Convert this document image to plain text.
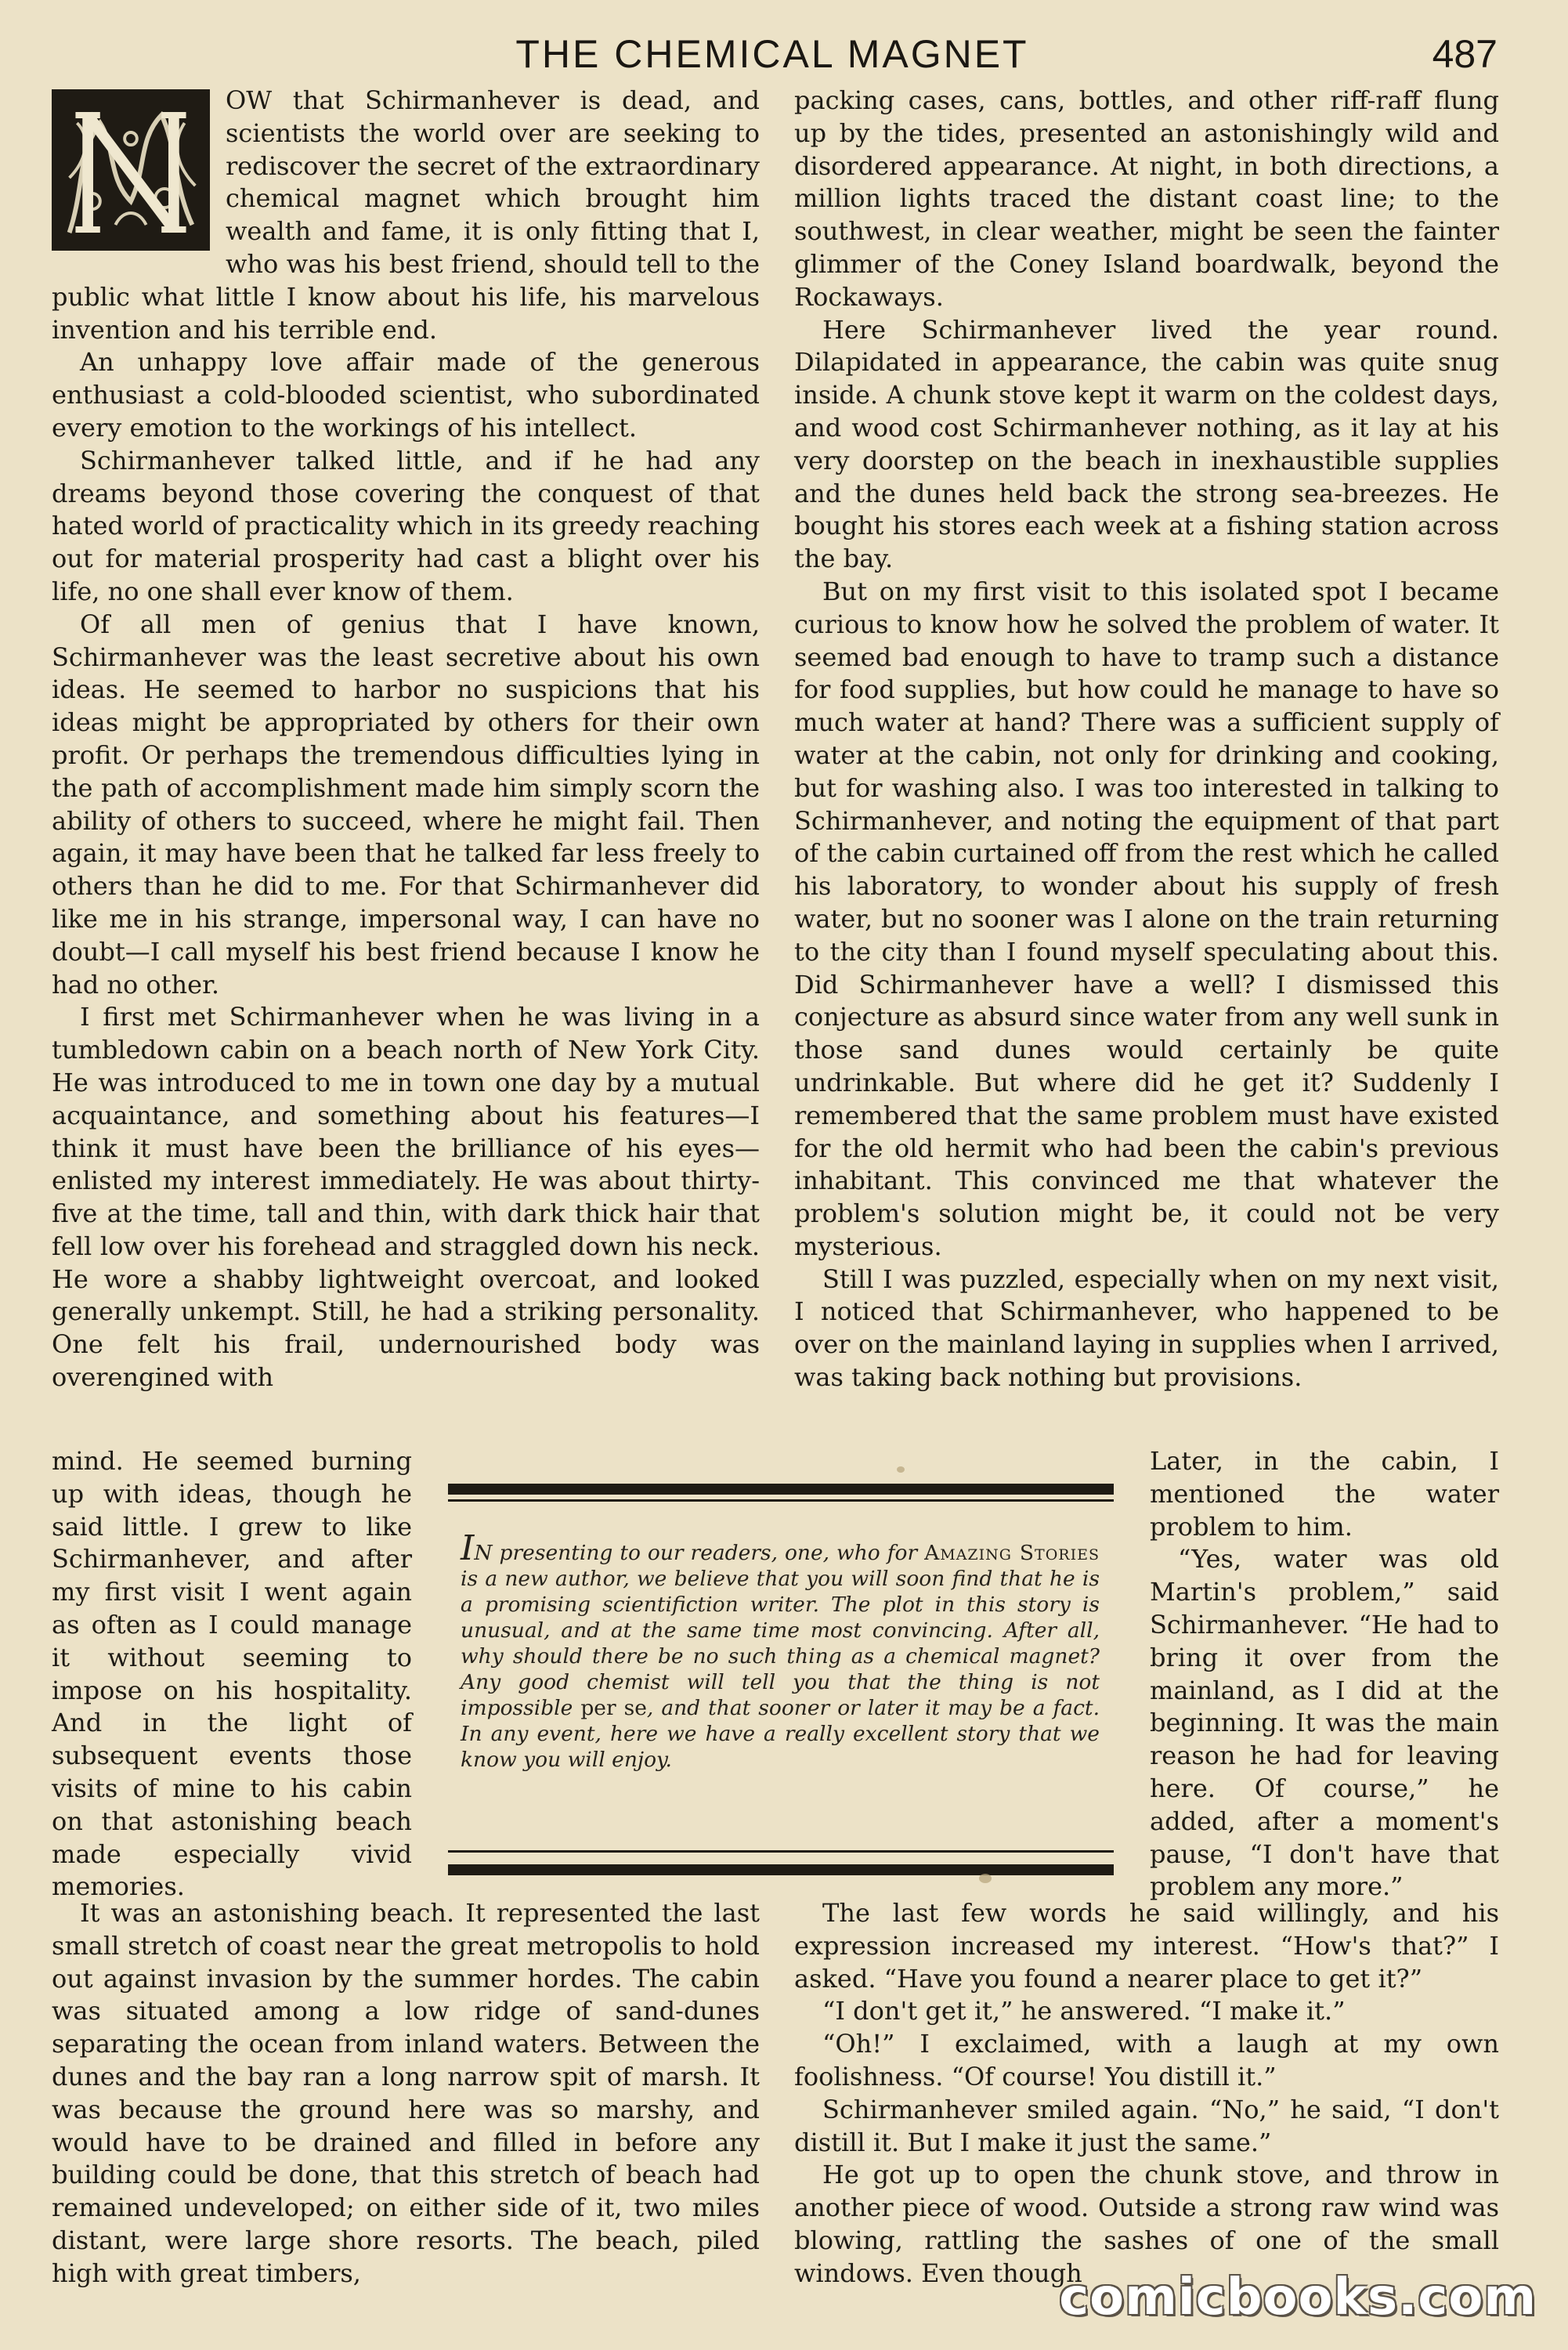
THE CHEMICAL MAGNET	487

OW that Schirmanhever is dead, and scientists the world over are seeking to rediscover the secret of the extraordinary chemical magnet which brought him wealth and fame, it is only fitting that I, who was his best friend, should tell to the public what little I know about his life, his marvelous invention and his terrible end.

An unhappy love affair made of the generous enthusiast a cold-blooded scientist, who subordinated every emotion to the workings of his intellect.

Schirmanhever talked little, and if he had any dreams beyond those covering the conquest of that hated world of practicality which in its greedy reaching out for material prosperity had cast a blight over his life, no one shall ever know of them.

Of all men of genius that I have known, Schirmanhever was the least secretive about his own ideas. He seemed to harbor no suspicions that his ideas might be appropriated by others for their own profit. Or perhaps the tremendous difficulties lying in the path of accomplishment made him simply scorn the ability of others to succeed, where he might fail. Then again, it may have been that he talked far less freely to others than he did to me. For that Schirmanhever did like me in his strange, impersonal way, I can have no doubt—I call myself his best friend because I know he had no other.

I first met Schirmanhever when he was living in a tumbledown cabin on a beach north of New York City. He was introduced to me in town one day by a mutual acquaintance, and something about his features—I think it must have been the brilliance of his eyes—enlisted my interest immediately. He was about thirty-five at the time, tall and thin, with dark thick hair that fell low over his forehead and straggled down his neck. He wore a shabby lightweight overcoat, and looked generally unkempt. Still, he had a striking personality. One felt his frail, undernourished body was overengined with

packing cases, cans, bottles, and other riff-raff flung up by the tides, presented an astonishingly wild and disordered appearance. At night, in both directions, a million lights traced the distant coast line; to the southwest, in clear weather, might be seen the fainter glimmer of the Coney Island boardwalk, beyond the Rockaways.

Here Schirmanhever lived the year round. Dilapidated in appearance, the cabin was quite snug inside. A chunk stove kept it warm on the coldest days, and wood cost Schirmanhever nothing, as it lay at his very doorstep on the beach in inexhaustible supplies and the dunes held back the strong sea-breezes. He bought his stores each week at a fishing station across the bay.

But on my first visit to this isolated spot I became curious to know how he solved the problem of water. It seemed bad enough to have to tramp such a distance for food supplies, but how could he manage to have so much water at hand? There was a sufficient supply of water at the cabin, not only for drinking and cooking, but for washing also. I was too interested in talking to Schirmanhever, and noting the equipment of that part of the cabin curtained off from the rest which he called his laboratory, to wonder about his supply of fresh water, but no sooner was I alone on the train returning to the city than I found myself speculating about this. Did Schirmanhever have a well? I dismissed this conjecture as absurd since water from any well sunk in those sand dunes would certainly be quite undrinkable. But where did he get it? Suddenly I remembered that the same problem must have existed for the old hermit who had been the cabin's previous inhabitant. This convinced me that whatever the problem's solution might be, it could not be very mysterious.

Still I was puzzled, especially when on my next visit, I noticed that Schirmanhever, who happened to be over on the mainland laying in supplies when I arrived, was taking back nothing but provisions.

mind. He seemed burning up with ideas, though he said little. I grew to like Schirmanhever, and after my first visit I went again as often as I could manage it without seeming to impose on his hospitality. And in the light of subsequent events those visits of mine to his cabin on that astonishing beach made especially vivid memories.

IN presenting to our readers, one, who for Amazing Stories is a new author, we believe that you will soon find that he is a promising scientifiction writer. The plot in this story is unusual, and at the same time most convincing. After all, why should there be no such thing as a chemical magnet? Any good chemist will tell you that the thing is not impossible per se, and that sooner or later it may be a fact. In any event, here we have a really excellent story that we know you will enjoy.

Later, in the cabin, I mentioned the water problem to him.

“Yes, water was old Martin's problem,” said Schirmanhever. “He had to bring it over from the mainland, as I did at the beginning. It was the main reason he had for leaving here. Of course,” he added, after a moment's pause, “I don't have that problem any more.”

It was an astonishing beach. It represented the last small stretch of coast near the great metropolis to hold out against invasion by the summer hordes. The cabin was situated among a low ridge of sand-dunes separating the ocean from inland waters. Between the dunes and the bay ran a long narrow spit of marsh. It was because the ground here was so marshy, and would have to be drained and filled in before any building could be done, that this stretch of beach had remained undeveloped; on either side of it, two miles distant, were large shore resorts. The beach, piled high with great timbers,

The last few words he said willingly, and his expression increased my interest. “How's that?” I asked. “Have you found a nearer place to get it?”

“I don't get it,” he answered. “I make it.”

“Oh!” I exclaimed, with a laugh at my own foolishness. “Of course! You distill it.”

Schirmanhever smiled again. “No,” he said, “I don't distill it. But I make it just the same.”

He got up to open the chunk stove, and throw in another piece of wood. Outside a strong raw wind was blowing, rattling the sashes of one of the small windows. Even though

comicbooks.com
